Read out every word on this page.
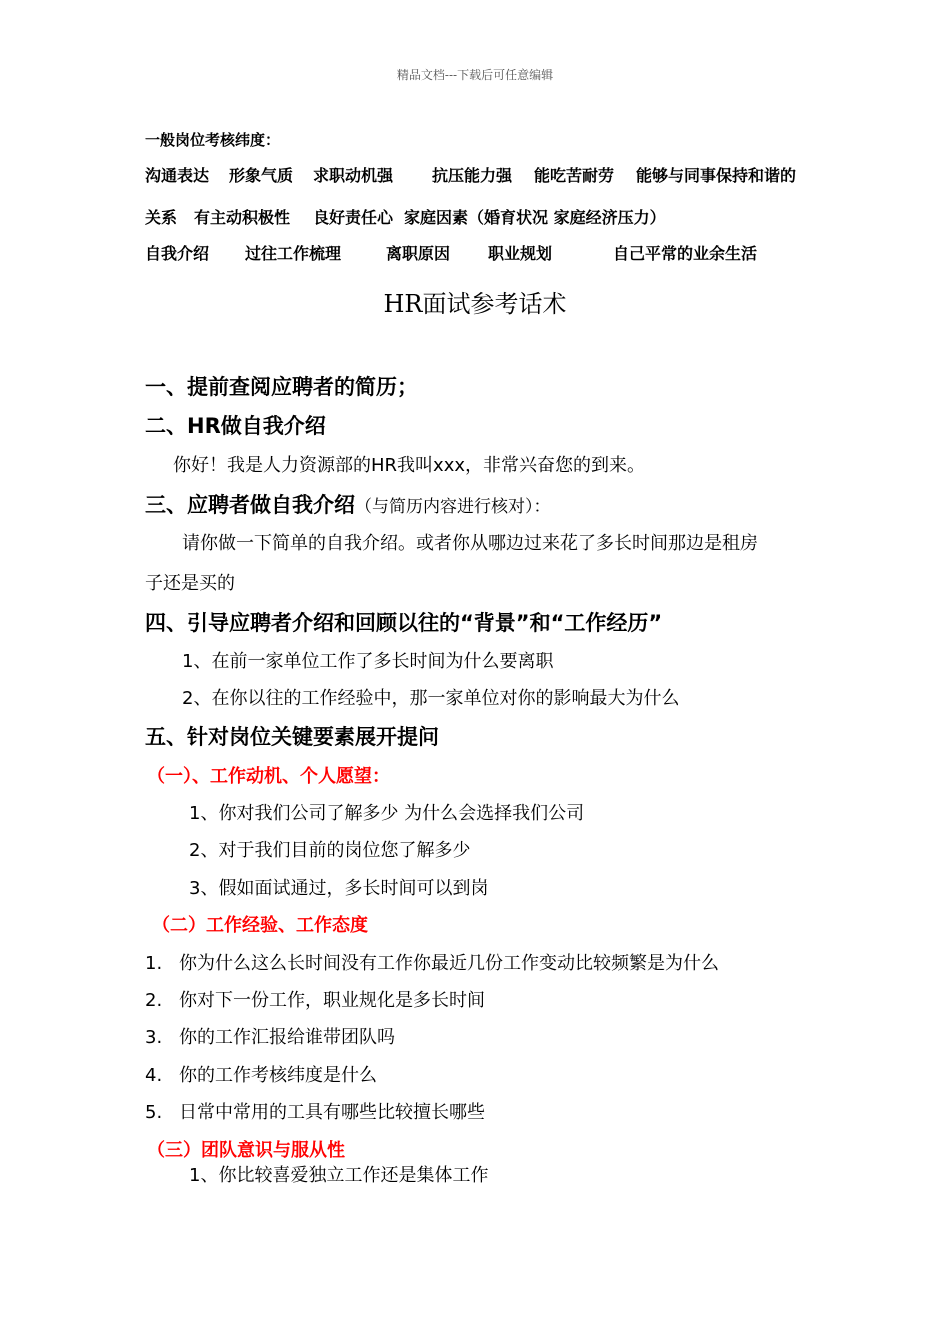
精品文档---下载后可任意编辑
一般岗位考核纬度：
沟通表达 形象气质 求职动机强 抗压能力强 能吃苦耐劳 能够与同事保持和谐的
关系 有主动积极性 良好责任心 家庭因素（婚育状况 家庭经济压力）
自我介绍 过往工作梳理	离职原因 职业规划	自己平常的业余生活
HR面试参考话术
一、提前查阅应聘者的简历；
二、HR做自我介绍
你好！我是人力资源部的HR我叫xxx，非常兴奋您的到来。
三、应聘者做自我介绍（与简历内容进行核对）：
请你做一下简单的自我介绍。或者你从哪边过来花了多长时间那边是租房
子还是买的
四、引导应聘者介绍和回顾以往的“背景”和“工作经历”
1、在前一家单位工作了多长时间为什么要离职
2、在你以往的工作经验中，那一家单位对你的影响最大为什么
五、针对岗位关键要素展开提问
（一）、工作动机、个人愿望：
1、你对我们公司了解多少 为什么会选择我们公司
2、对于我们目前的岗位您了解多少
3、假如面试通过，多长时间可以到岗
（二）工作经验、工作态度
1. 你为什么这么长时间没有工作你最近几份工作变动比较频繁是为什么
2. 你对下一份工作，职业规化是多长时间
3. 你的工作汇报给谁带团队吗
4. 你的工作考核纬度是什么
5. 日常中常用的工具有哪些比较擅长哪些
（三）团队意识与服从性
1、你比较喜爱独立工作还是集体工作
